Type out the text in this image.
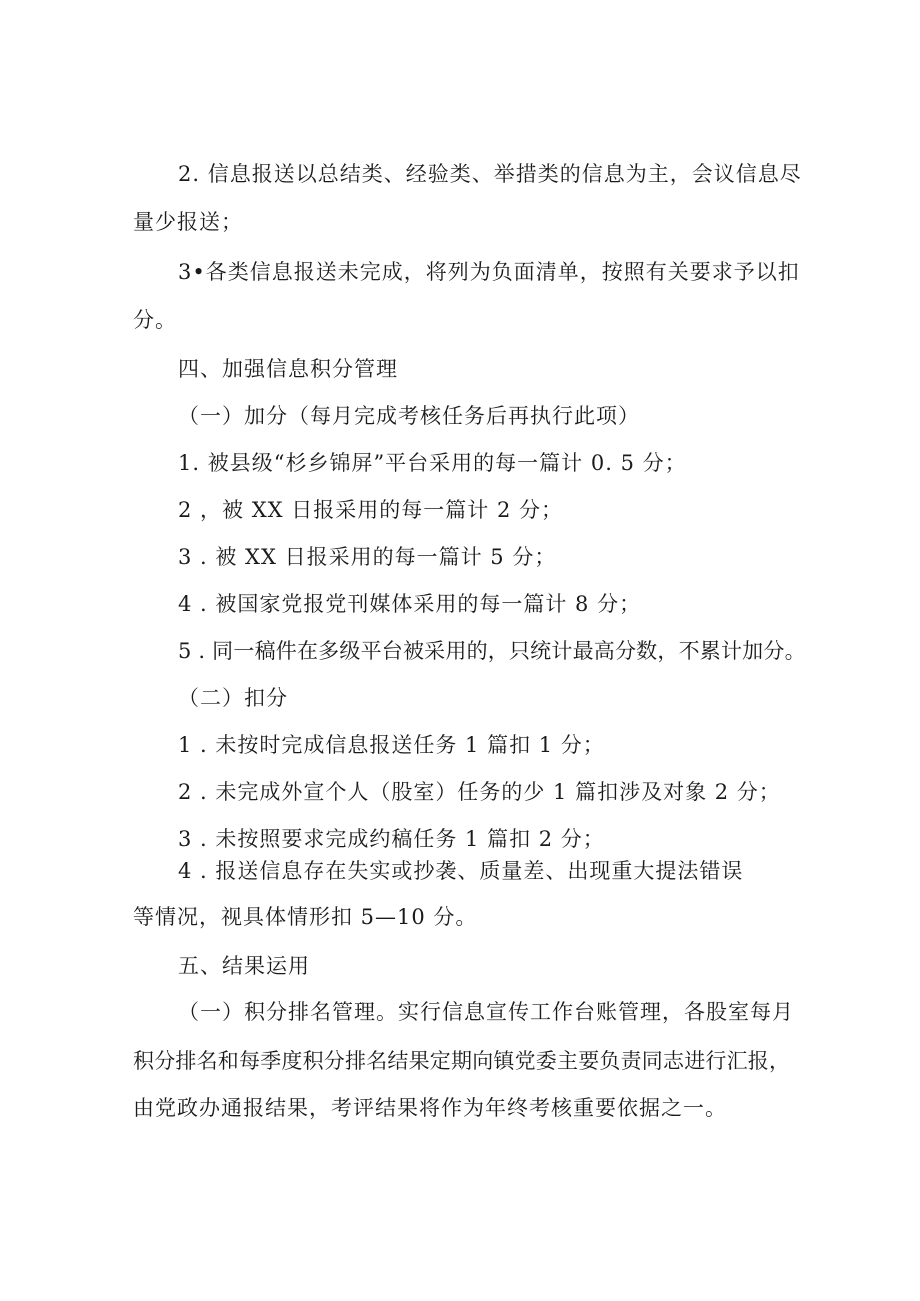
2. 信息报送以总结类、经验类、举措类的信息为主，会议信息尽
量少报送；
3•各类信息报送未完成，将列为负面清单，按照有关要求予以扣
分。
四、加强信息积分管理
（一）加分（每月完成考核任务后再执行此项）
1. 被县级“杉乡锦屏”平台采用的每一篇计 0. 5 分；
2 ，被 XX 日报采用的每一篇计 2 分；
3 . 被 XX 日报采用的每一篇计 5 分；
4 . 被国家党报党刊媒体采用的每一篇计 8 分；
5 . 同一稿件在多级平台被采用的，只统计最高分数，不累计加分。
（二）扣分
1 . 未按时完成信息报送任务 1 篇扣 1 分；
2 . 未完成外宣个人（股室）任务的少 1 篇扣涉及对象 2 分；
3 . 未按照要求完成约稿任务 1 篇扣 2 分；
4 . 报送信息存在失实或抄袭、质量差、出现重大提法错误
等情况，视具体情形扣 5—10 分。
五、结果运用
（一）积分排名管理。实行信息宣传工作台账管理，各股室每月
积分排名和每季度积分排名结果定期向镇党委主要负责同志进行汇报，
由党政办通报结果，考评结果将作为年终考核重要依据之一。
